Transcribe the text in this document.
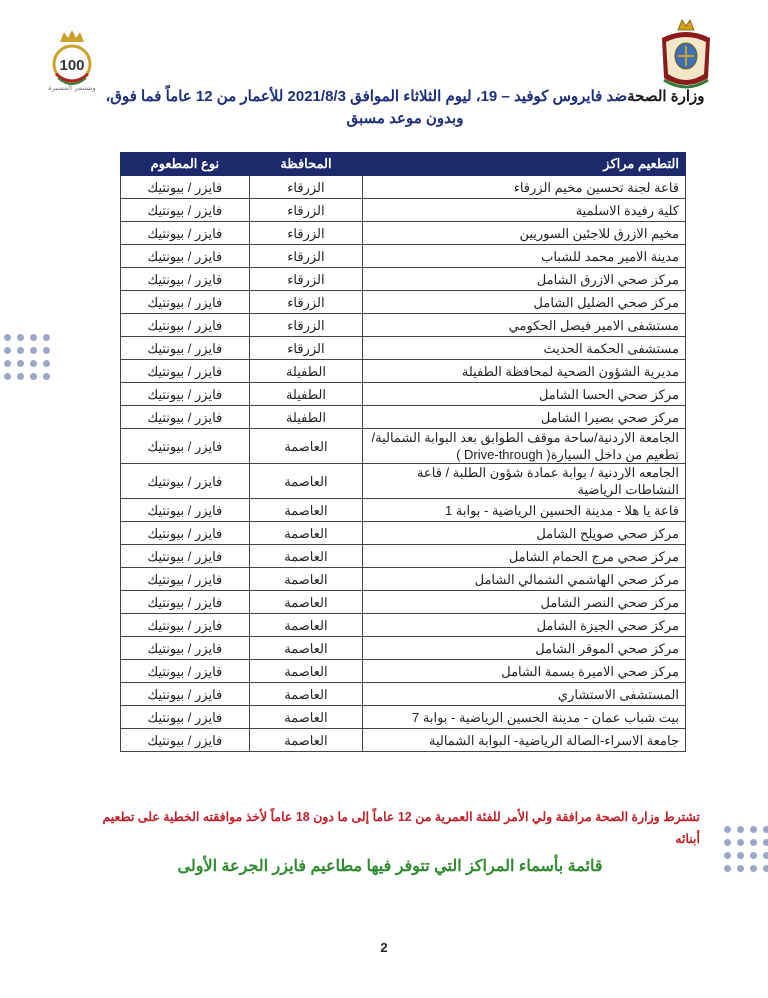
100
ونستمر المسيرة	وزارة الصحةضد فايروس كوفيد – 19، ليوم الثلاثاء الموافق 2021/8/3 للأعمار من 12 عاماً فما فوق،
وبدون موعد مسبق
التطعيم مراكز	المحافظة	نوع المطعوم
قاعة لجنة تحسين مخيم الزرقاء	الزرقاء	فايزر / بيونتيك
كلية رفيدة الاسلمية	الزرقاء	فايزر / بيونتيك
مخيم الازرق للاجئين السوريين	الزرقاء	فايزر / بيونتيك
مدينة الامير محمد للشباب	الزرقاء	فايزر / بيونتيك
مركز صحي الازرق الشامل	الزرقاء	فايزر / بيونتيك
مركز صحي الضليل الشامل	الزرقاء	فايزر / بيونتيك
مستشفى الامير فيصل الحكومي	الزرقاء	فايزر / بيونتيك
مستشفى الحكمة الحديث	الزرقاء	فايزر / بيونتيك
مديرية الشؤون الصحية لمحافظة الطفيلة	الطفيلة	فايزر / بيونتيك
مركز صحي الحسا الشامل	الطفيلة	فايزر / بيونتيك
مركز صحي بصيرا الشامل	الطفيلة	فايزر / بيونتيك
الجامعة الاردنية/ساحة موقف الطوابق بعد البوابة الشمالية/تطعيم من داخل السيارة( Drive-through )	العاصمة	فايزر / بيونتيك
الجامعه الاردنية / بوابة عمادة شؤون الطلبة / قاعة النشاطات الرياضية	العاصمة	فايزر / بيونتيك
قاعة يا هلا - مدينة الحسين الرياضية - بوابة 1	العاصمة	فايزر / بيونتيك
مركز صحي صويلح الشامل	العاصمة	فايزر / بيونتيك
مركز صحي مرج الحمام الشامل	العاصمة	فايزر / بيونتيك
مركز صحي الهاشمي الشمالي الشامل	العاصمة	فايزر / بيونتيك
مركز صحي النصر الشامل	العاصمة	فايزر / بيونتيك
مركز صحي الجيزة الشامل	العاصمة	فايزر / بيونتيك
مركز صحي الموقر الشامل	العاصمة	فايزر / بيونتيك
مركز صحي الاميرة بسمة الشامل	العاصمة	فايزر / بيونتيك
المستشفى الاستشاري	العاصمة	فايزر / بيونتيك
بيت شباب عمان - مدينة الحسين الرياضية - بوابة 7	العاصمة	فايزر / بيونتيك
جامعة الاسراء-الصالة الرياضية- البوابة الشمالية	العاصمة	فايزر / بيونتيك
تشترط وزارة الصحة مرافقة ولي الأمر للفئة العمرية من 12 عاماً إلى ما دون 18 عاماً لأخذ موافقته الخطية على تطعيم أبنائه
قائمة بأسماء المراكز التي تتوفر فيها مطاعيم فايزر الجرعة الأولى
2
